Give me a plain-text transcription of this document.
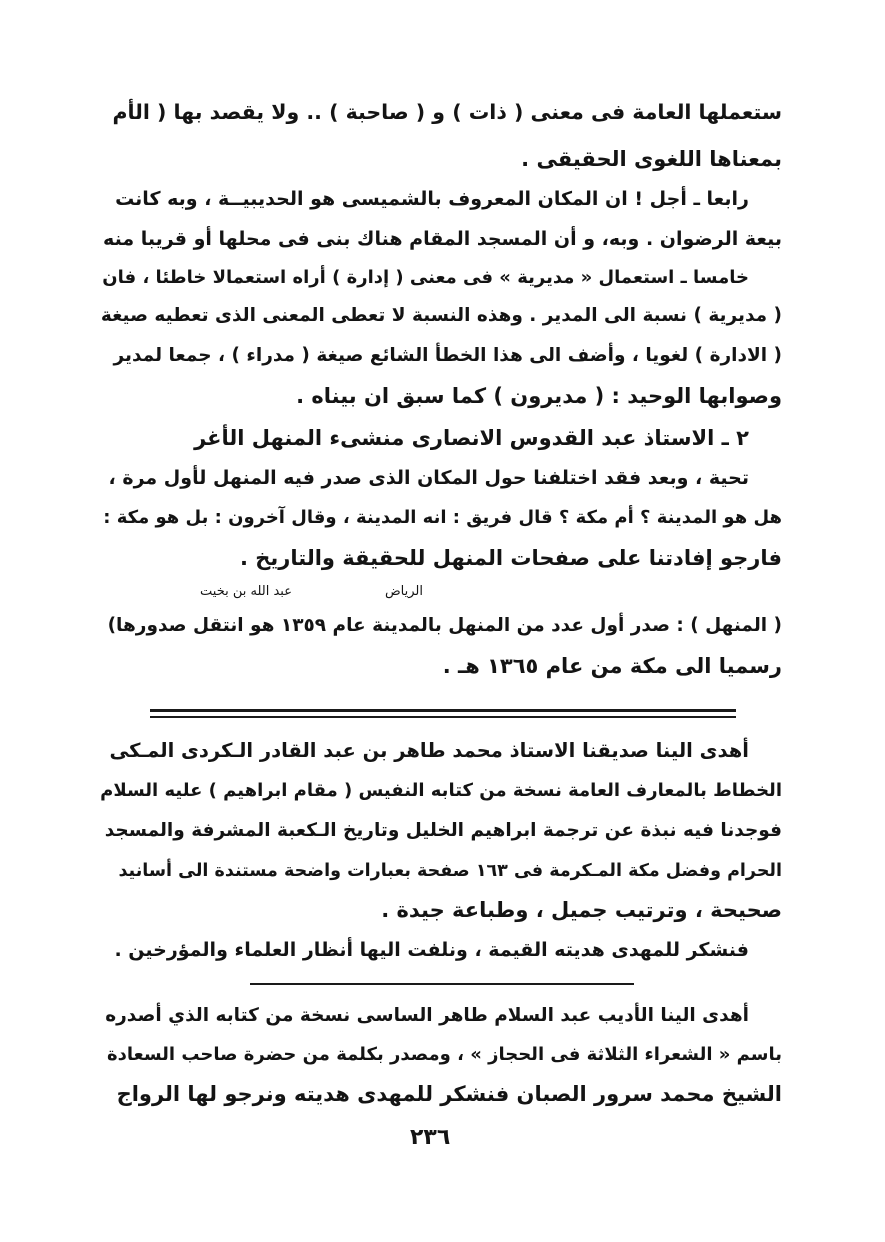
ستعملها العامة فى معنى ( ذات ) و ( صاحبة ) .. ولا يقصد بها ( الأم
بمعناها اللغوى الحقيقى .
رابعا ـ أجل ! ان المكان المعروف بالشميسى هو الحديبيــة ، وبه كانت
بيعة الرضوان . وبه، و أن المسجد المقام هناك بنى فى محلها أو قريبا منه
خامسا ـ استعمال « مديرية » فى معنى ( إدارة ) أراه استعمالا خاطئا ، فان
( مديرية ) نسبة الى المدير . وهذه النسبة لا تعطى المعنى الذى تعطيه صيغة
( الادارة ) لغويا ، وأضف الى هذا الخطأ الشائع صيغة ( مدراء ) ، جمعا لمدير
وصوابها الوحيد : ( مديرون ) كما سبق ان بيناه .
٢ ـ الاستاذ عبد القدوس الانصارى منشىء المنهل الأغر
تحية ، وبعد فقد اختلفنا حول المكان الذى صدر فيه المنهل لأول مرة ،
هل هو المدينة ؟ أم مكة ؟ قال فريق : انه المدينة ، وقال آخرون : بل هو مكة :
فارجو إفادتنا على صفحات المنهل للحقيقة والتاريخ .
الرياض
عبد الله بن بخيت
( المنهل ) : صدر أول عدد من المنهل بالمدينة عام ١٣٥٩ هو انتقل صدورها)
رسميا الى مكة من عام ١٣٦٥ هـ .
أهدى الينا صديقنا الاستاذ محمد طاهر بن عبد القادر الـكردى المـكى
الخطاط بالمعارف العامة نسخة من كتابه النفيس ( مقام ابراهيم ) عليه السلام
فوجدنا فيه نبذة عن ترجمة ابراهيم الخليل وتاريخ الـكعبة المشرفة والمسجد
الحرام وفضل مكة المـكرمة فى ١٦٣ صفحة بعبارات واضحة مستندة الى أسانيد
صحيحة ، وترتيب جميل ، وطباعة جيدة .
فنشكر للمهدى هديته القيمة ، ونلفت اليها أنظار العلماء والمؤرخين .
أهدى الينا الأديب عبد السلام طاهر الساسى نسخة من كتابه الذي أصدره
باسم « الشعراء الثلاثة فى الحجاز » ، ومصدر بكلمة من حضرة صاحب السعادة
الشيخ محمد سرور الصبان فنشكر للمهدى هديته ونرجو لها الرواج
٢٣٦
